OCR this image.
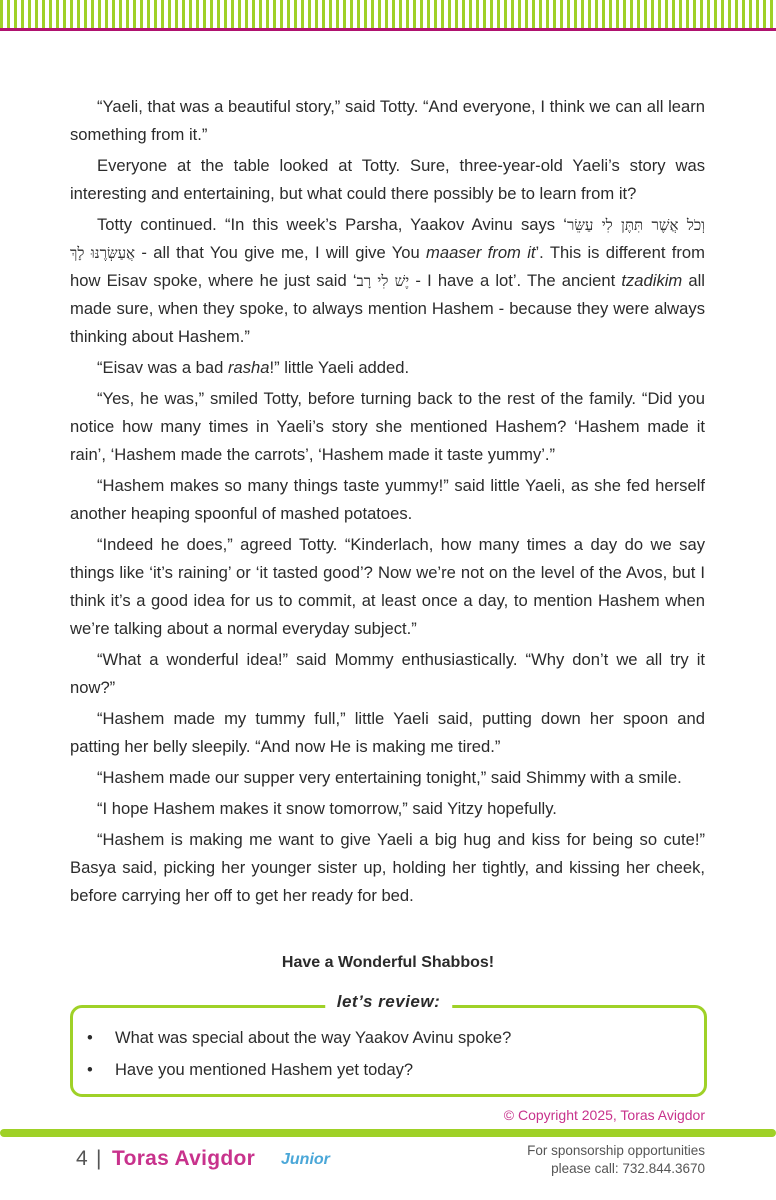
“Yaeli, that was a beautiful story,” said Totty. “And everyone, I think we can all learn something from it.”

Everyone at the table looked at Totty. Sure, three-year-old Yaeli’s story was interesting and entertaining, but what could there possibly be to learn from it?

Totty continued. “In this week’s Parsha, Yaakov Avinu says ‘וְכֹל אֲשֶׁר תִּתֶּן לִי עַשֵּׂר אֲעַשְּׂרֶנּוּ לָךְ - all that You give me, I will give You maaser from it’. This is different from how Eisav spoke, where he just said ‘יֶשׁ לִי רָב - I have a lot’. The ancient tzadikim all made sure, when they spoke, to always mention Hashem - because they were always thinking about Hashem.”

“Eisav was a bad rasha!” little Yaeli added.

“Yes, he was,” smiled Totty, before turning back to the rest of the family. “Did you notice how many times in Yaeli’s story she mentioned Hashem? ‘Hashem made it rain’, ‘Hashem made the carrots’, ‘Hashem made it taste yummy’.”

“Hashem makes so many things taste yummy!” said little Yaeli, as she fed herself another heaping spoonful of mashed potatoes.

“Indeed he does,” agreed Totty. “Kinderlach, how many times a day do we say things like ‘it’s raining’ or ‘it tasted good’? Now we’re not on the level of the Avos, but I think it’s a good idea for us to commit, at least once a day, to mention Hashem when we’re talking about a normal everyday subject.”

“What a wonderful idea!” said Mommy enthusiastically. “Why don’t we all try it now?”

“Hashem made my tummy full,” little Yaeli said, putting down her spoon and patting her belly sleepily. “And now He is making me tired.”

“Hashem made our supper very entertaining tonight,” said Shimmy with a smile.

“I hope Hashem makes it snow tomorrow,” said Yitzy hopefully.

“Hashem is making me want to give Yaeli a big hug and kiss for being so cute!” Basya said, picking her younger sister up, holding her tightly, and kissing her cheek, before carrying her off to get her ready for bed.

Have a Wonderful Shabbos!
let’s review:
•	What was special about the way Yaakov Avinu spoke?
•	Have you mentioned Hashem yet today?
© Copyright 2025, Toras Avigdor
4 | Toras Avigdor Junior
For sponsorship opportunities
please call: 732.844.3670
